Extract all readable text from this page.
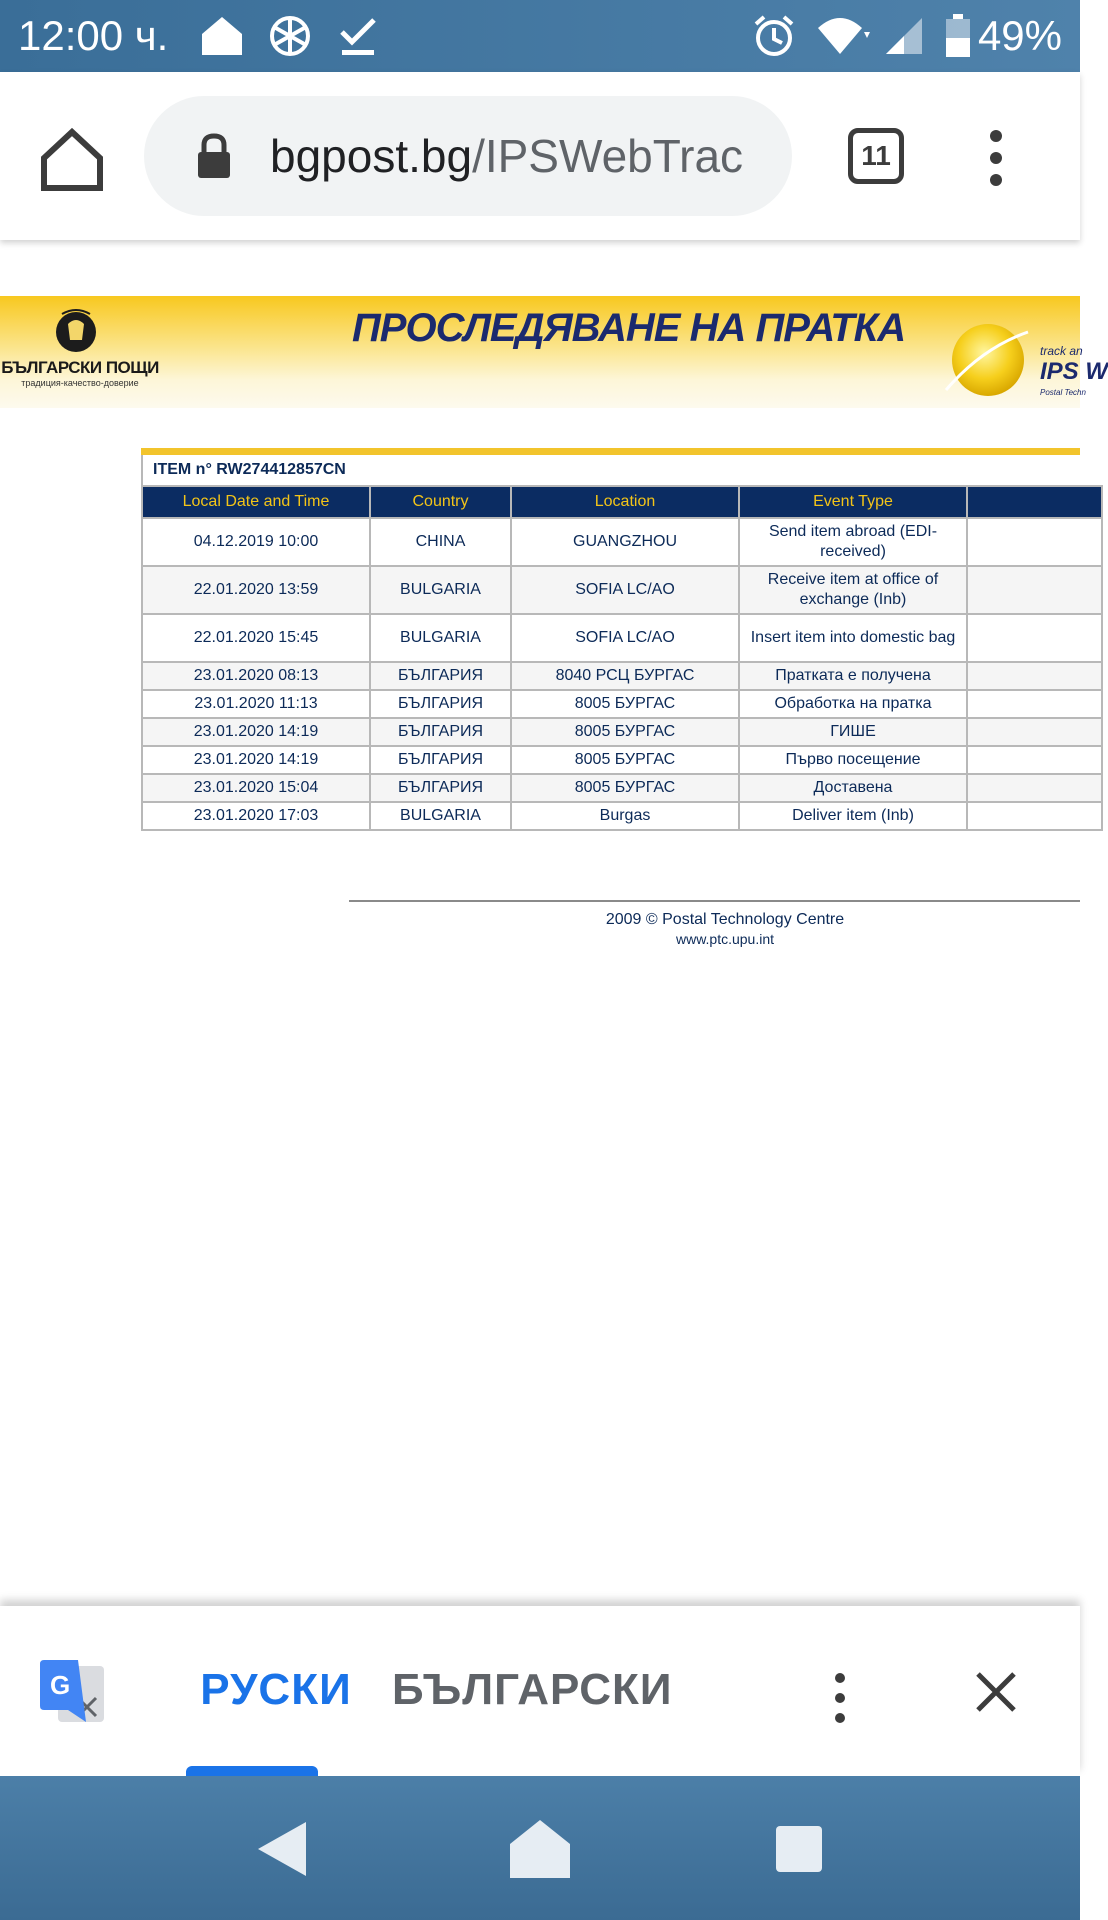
12:00 ч.	49%
bgpost.bg/IPSWebTrac	11
БЪЛГАРСКИ ПОЩИ
традиция-качество-доверие
ПРОСЛЕДЯВАНЕ НА ПРАТКА
track an
IPS W
Postal Techn
ITEM n° RW274412857CN
Local Date and Time	Country	Location	Event Type	
04.12.2019 10:00	CHINA	GUANGZHOU	Send item abroad (EDI-received)	
22.01.2020 13:59	BULGARIA	SOFIA LC/AO	Receive item at office of exchange (Inb)	
22.01.2020 15:45	BULGARIA	SOFIA LC/AO	Insert item into domestic bag	
23.01.2020 08:13	БЪЛГАРИЯ	8040 РСЦ БУРГАС	Пратката е получена	
23.01.2020 11:13	БЪЛГАРИЯ	8005 БУРГАС	Обработка на пратка	
23.01.2020 14:19	БЪЛГАРИЯ	8005 БУРГАС	ГИШЕ	
23.01.2020 14:19	БЪЛГАРИЯ	8005 БУРГАС	Първо посещение	
23.01.2020 15:04	БЪЛГАРИЯ	8005 БУРГАС	Доставена	
23.01.2020 17:03	BULGARIA	Burgas	Deliver item (Inb)	
2009 © Postal Technology Centre
www.ptc.upu.int
G	РУСКИ БЪЛГАРСКИ
